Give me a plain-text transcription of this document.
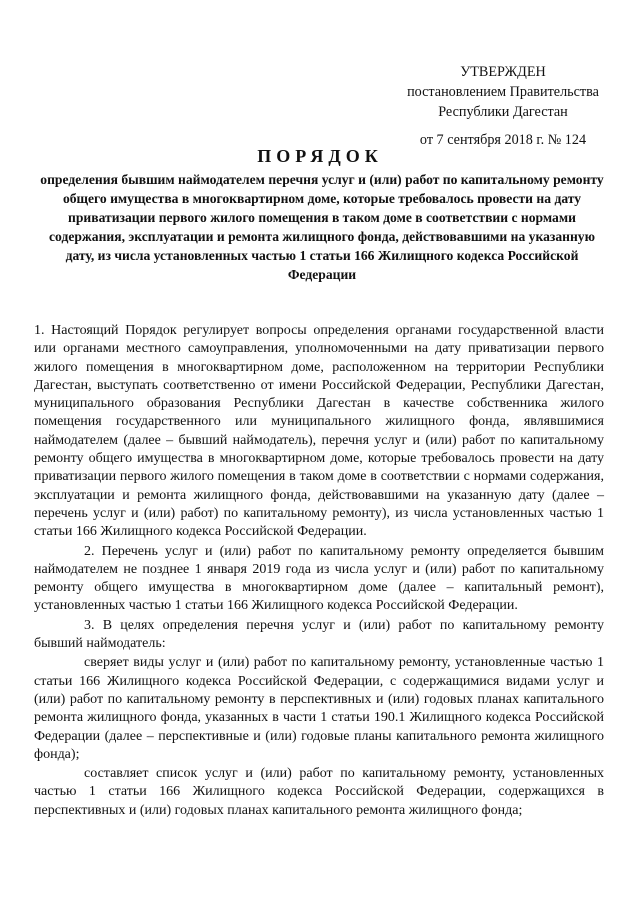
УТВЕРЖДЕН
постановлением Правительства
Республики Дагестан
от 7 сентября 2018 г. № 124
ПОРЯДОК
определения бывшим наймодателем перечня услуг и (или) работ по капитальному ремонту общего имущества в многоквартирном доме, которые требовалось провести на дату приватизации первого жилого помещения в таком доме в соответствии с нормами содержания, эксплуатации и ремонта жилищного фонда, действовавшими на указанную дату, из числа установленных частью 1 статьи 166 Жилищного кодекса Российской Федерации

1. Настоящий Порядок регулирует вопросы определения органами государственной власти или органами местного самоуправления, уполномоченными на дату приватизации первого жилого помещения в многоквартирном доме, расположенном на территории Республики Дагестан, выступать соответственно от имени Российской Федерации, Республики Дагестан, муниципального образования Республики Дагестан в качестве собственника жилого помещения государственного или муниципального жилищного фонда, являвшимися наймодателем (далее – бывший наймодатель), перечня услуг и (или) работ по капитальному ремонту общего имущества в многоквартирном доме, которые требовалось провести на дату приватизации первого жилого помещения в таком доме в соответствии с нормами содержания, эксплуатации и ремонта жилищного фонда, действовавшими на указанную дату (далее – перечень услуг и (или) работ) по капитальному ремонту), из числа установленных частью 1 статьи 166 Жилищного кодекса Российской Федерации.

2. Перечень услуг и (или) работ по капитальному ремонту определяется бывшим наймодателем не позднее 1 января 2019 года из числа услуг и (или) работ по капитальному ремонту общего имущества в многоквартирном доме (далее – капитальный ремонт), установленных частью 1 статьи 166 Жилищного кодекса Российской Федерации.

3. В целях определения перечня услуг и (или) работ по капитальному ремонту бывший наймодатель:

сверяет виды услуг и (или) работ по капитальному ремонту, установленные частью 1 статьи 166 Жилищного кодекса Российской Федерации, с содержащимися видами услуг и (или) работ по капитальному ремонту в перспективных и (или) годовых планах капитального ремонта жилищного фонда, указанных в части 1 статьи 190.1 Жилищного кодекса Российской Федерации (далее – перспективные и (или) годовые планы капитального ремонта жилищного фонда);

составляет список услуг и (или) работ по капитальному ремонту, установленных частью 1 статьи 166 Жилищного кодекса Российской Федерации, содержащихся в перспективных и (или) годовых планах капитального ремонта жилищного фонда;
